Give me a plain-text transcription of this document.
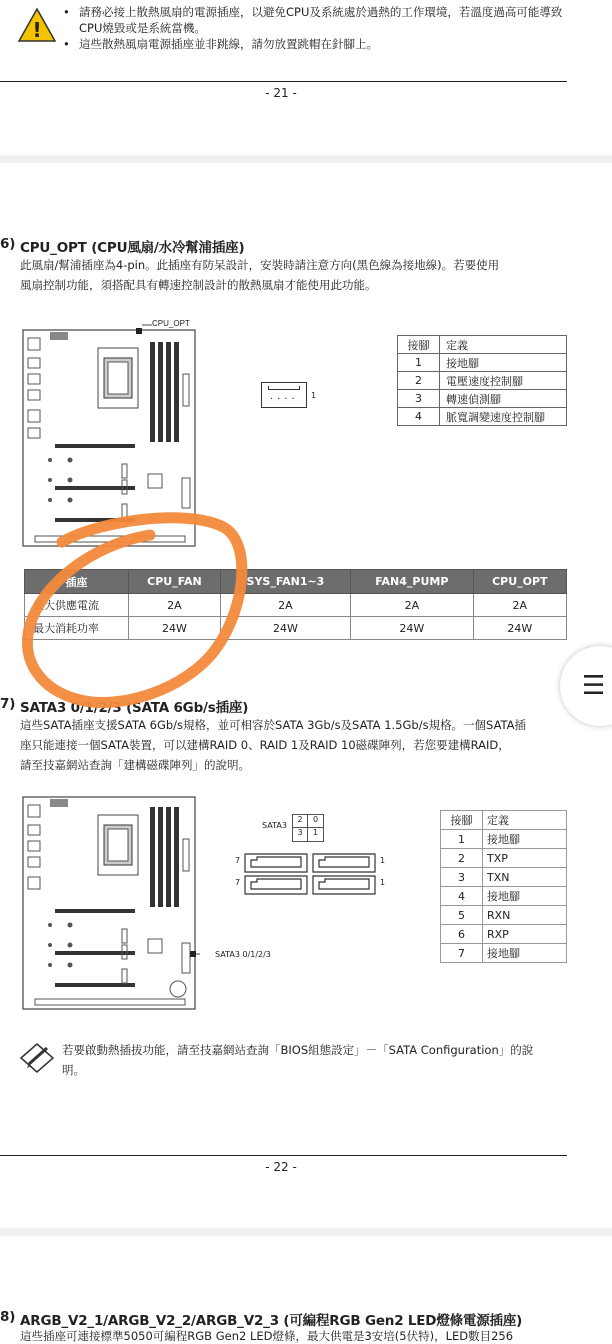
!
• 請務必接上散熱風扇的電源插座，以避免CPU及系統處於過熱的工作環境，若溫度過高可能導致CPU燒毀或是系統當機。
• 這些散熱風扇電源插座並非跳線，請勿放置跳帽在針腳上。
- 21 -
6) CPU_OPT (CPU風扇/水冷幫浦插座)
此風扇/幫浦插座為4-pin。此插座有防呆設計，安裝時請注意方向(黑色線為接地線)。若要使用
風扇控制功能，須搭配具有轉速控制設計的散熱風扇才能使用此功能。
CPU_OPT
···· 1
接腳	定義
1	接地腳
2	電壓速度控制腳
3	轉速偵測腳
4	脈寬調變速度控制腳
插座	CPU_FAN	SYS_FAN1~3	FAN4_PUMP	CPU_OPT
最大供應電流	2A	2A	2A	2A
最大消耗功率	24W	24W	24W	24W
7) SATA3 0/1/2/3 (SATA 6Gb/s插座)
這些SATA插座支援SATA 6Gb/s規格，並可相容於SATA 3Gb/s及SATA 1.5Gb/s規格。一個SATA插
座只能連接一個SATA裝置，可以建構RAID 0、RAID 1及RAID 10磁碟陣列，若您要建構RAID，
請至技嘉網站查詢「建構磁碟陣列」的說明。
SATA3 0/1/2/3
SATA3
2	0
3	1
7
7
1
1
接腳	定義
1	接地腳
2	TXP
3	TXN
4	接地腳
5	RXN
6	RXP
7	接地腳
若要啟動熱插拔功能，請至技嘉網站查詢「BIOS組態設定」－「SATA Configuration」的說
明。
- 22 -
8) ARGB_V2_1/ARGB_V2_2/ARGB_V2_3 (可編程RGB Gen2 LED燈條電源插座)
這些插座可連接標準5050可編程RGB Gen2 LED燈條，最大供電是3安培(5伏特)，LED數目256
☰
